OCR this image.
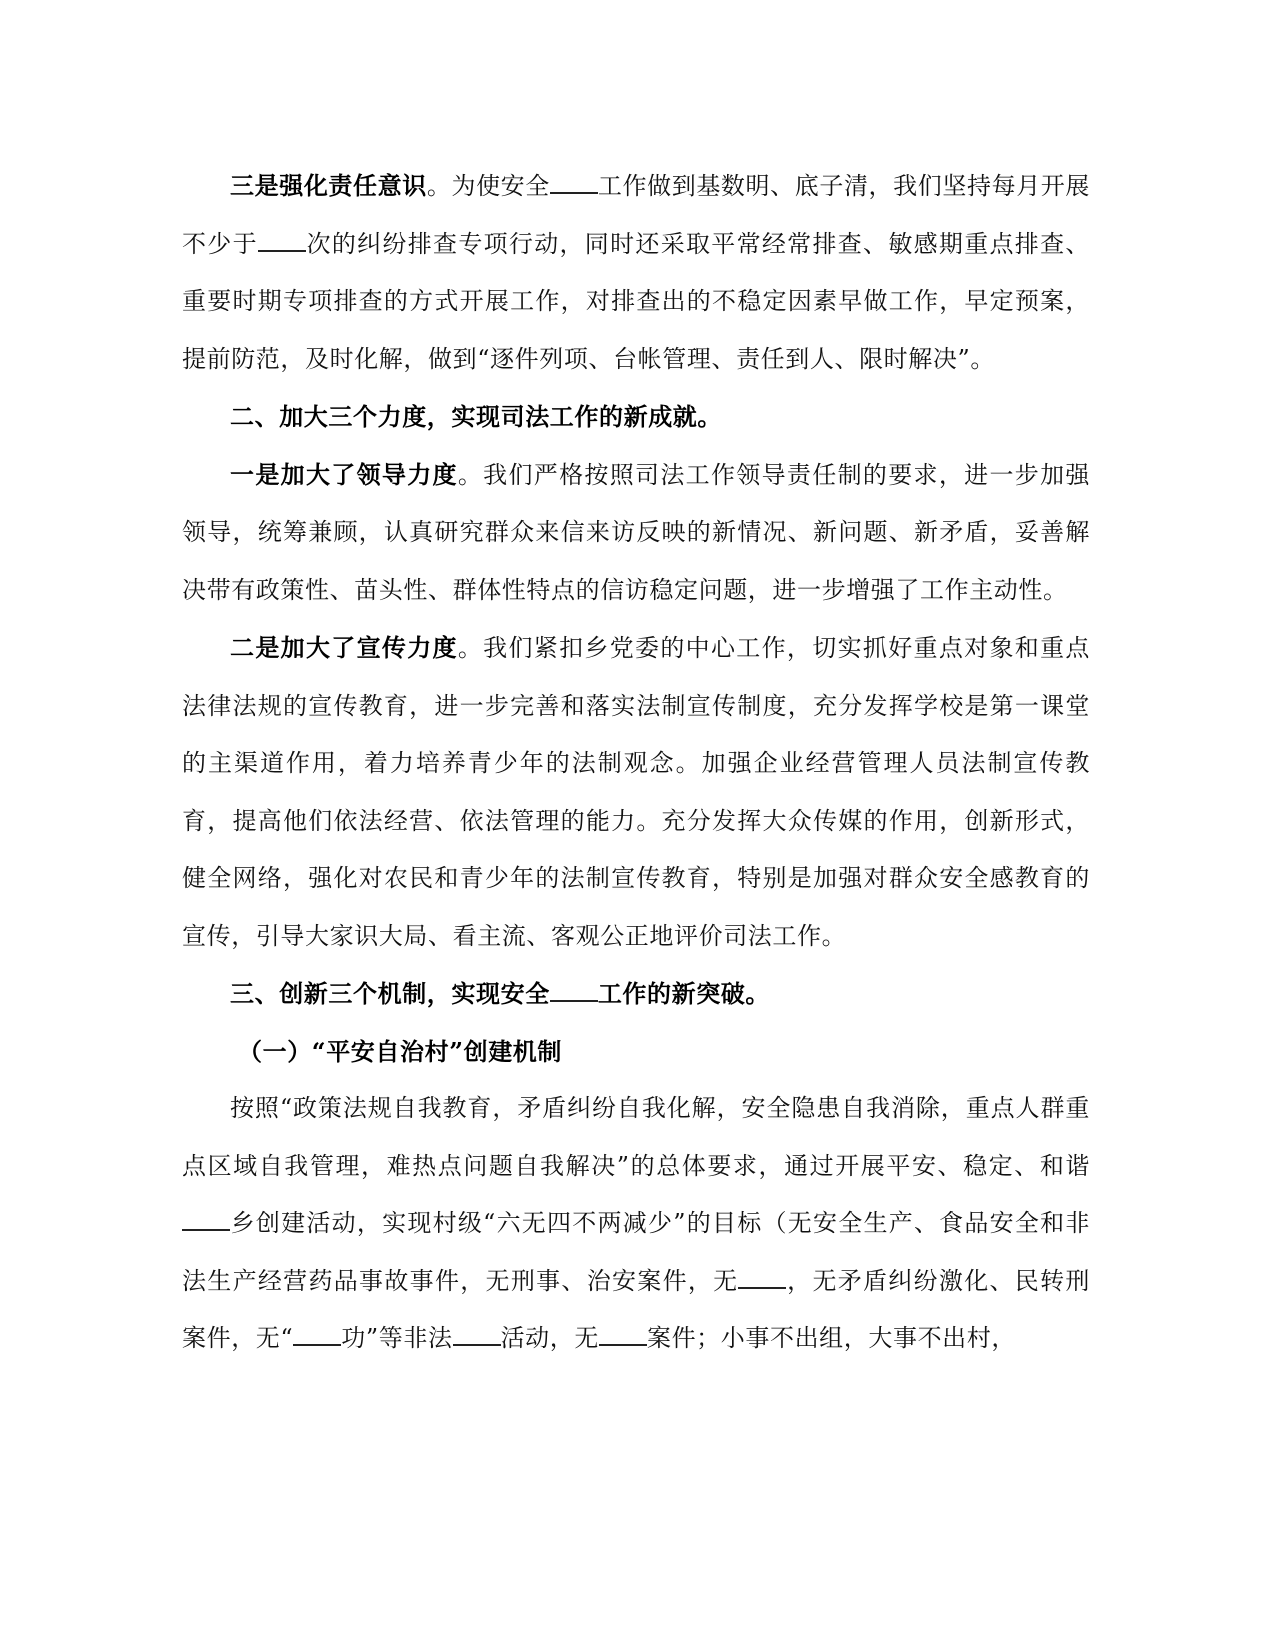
三是强化责任意识。为使安全 工作做到基数明、底子清，我们坚持每月开展不少于 次的纠纷排查专项行动，同时还采取平常经常排查、敏感期重点排查、重要时期专项排查的方式开展工作，对排查出的不稳定因素早做工作，早定预案，提前防范，及时化解，做到“逐件列项、台帐管理、责任到人、限时解决”。

二、加大三个力度，实现司法工作的新成就。

一是加大了领导力度。我们严格按照司法工作领导责任制的要求，进一步加强领导，统筹兼顾，认真研究群众来信来访反映的新情况、新问题、新矛盾，妥善解决带有政策性、苗头性、群体性特点的信访稳定问题，进一步增强了工作主动性。

二是加大了宣传力度。我们紧扣乡党委的中心工作，切实抓好重点对象和重点法律法规的宣传教育，进一步完善和落实法制宣传制度，充分发挥学校是第一课堂的主渠道作用，着力培养青少年的法制观念。加强企业经营管理人员法制宣传教育，提高他们依法经营、依法管理的能力。充分发挥大众传媒的作用，创新形式，健全网络，强化对农民和青少年的法制宣传教育，特别是加强对群众安全感教育的宣传，引导大家识大局、看主流、客观公正地评价司法工作。

三、创新三个机制，实现安全 工作的新突破。

（一）“平安自治村”创建机制

按照“政策法规自我教育，矛盾纠纷自我化解，安全隐患自我消除，重点人群重点区域自我管理，难热点问题自我解决”的总体要求，通过开展平安、稳定、和谐乡创建活动，实现村级“六无四不两减少”的目标（无安全生产、食品安全和非法生产经营药品事故事件，无刑事、治安案件，无 ，无矛盾纠纷激化、民转刑案件，无“ 功”等非法 活动，无 案件；小事不出组，大事不出村，
